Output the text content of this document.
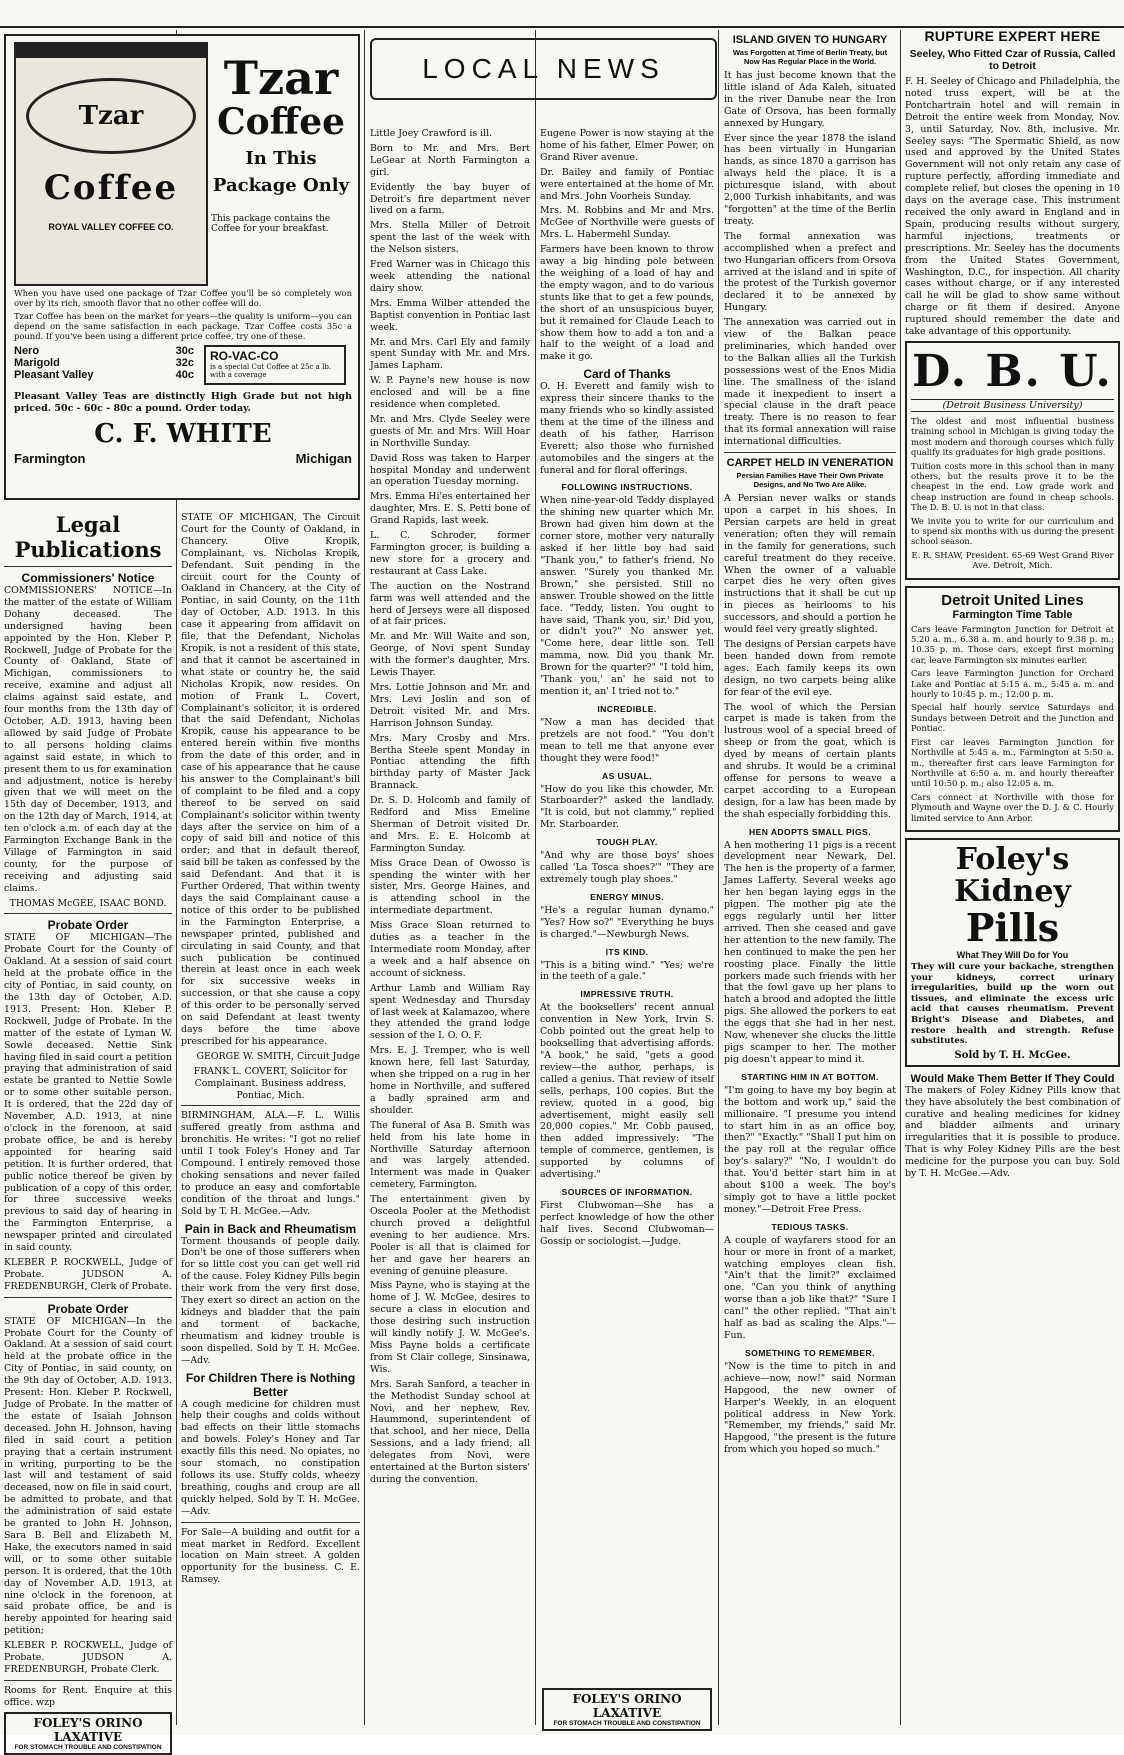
Tzar
Coffee
ROYAL VALLEY COFFEE CO.
Tzar
Coffee
In This
Package Only
This package contains the Coffee for your breakfast.

When you have used one package of Tzar Coffee you'll be so completely won over by its rich, smooth flavor that no other coffee will do.

Tzar Coffee has been on the market for years—the quality is uniform—you can depend on the same satisfaction in each package. Tzar Coffee costs 35c a pound. If you've been using a different price coffee, try one of these.

Nero	30c
Marigold	32c
Pleasant Valley	40c
RO-VAC-CO
is a special Cut Coffee at 25c a lb. with a coverage

Pleasant Valley Teas are distinctly High Grade but not high priced. 50c - 60c - 80c a pound. Order today.

C. F. WHITE
Farmington	Michigan
Legal Publications
Commissioners' Notice

COMMISSIONERS' NOTICE—In the matter of the estate of William Dohany deceased. The undersigned having been appointed by the Hon. Kleber P. Rockwell, Judge of Probate for the County of Oakland, State of Michigan, commissioners to receive, examine and adjust all claims against said estate, and four months from the 13th day of October, A.D. 1913, having been allowed by said Judge of Probate to all persons holding claims against said estate, in which to present them to us for examination and adjustment, notice is hereby given that we will meet on the 15th day of December, 1913, and on the 12th day of March, 1914, at ten o'clock a.m. of each day at the Farmington Exchange Bank in the Village of Farmington in said county, for the purpose of receiving and adjusting said claims.

THOMAS McGEE, ISAAC BOND.

Probate Order

STATE OF MICHIGAN—The Probate Court for the County of Oakland. At a session of said court held at the probate office in the city of Pontiac, in said county, on the 13th day of October, A.D. 1913. Present: Hon. Kleber P. Rockwell, Judge of Probate. In the matter of the estate of Lyman W. Sowle deceased. Nettie Sink having filed in said court a petition praying that administration of said estate be granted to Nettie Sowle or to some other suitable person. It is ordered, that the 22d day of November, A.D. 1913, at nine o'clock in the forenoon, at said probate office, be and is hereby appointed for hearing said petition. It is further ordered, that public notice thereof be given by publication of a copy of this order, for three successive weeks previous to said day of hearing in the Farmington Enterprise, a newspaper printed and circulated in said county.

KLEBER P. ROCKWELL, Judge of Probate. JUDSON A. FREDENBURGH, Clerk of Probate.

Probate Order

STATE OF MICHIGAN—In the Probate Court for the County of Oakland. At a session of said court held at the probate office in the City of Pontiac, in said county, on the 9th day of October, A.D. 1913. Present: Hon. Kleber P. Rockwell, Judge of Probate. In the matter of the estate of Isaiah Johnson deceased. John H. Johnson, having filed in said court a petition praying that a certain instrument in writing, purporting to be the last will and testament of said deceased, now on file in said court, be admitted to probate, and that the administration of said estate be granted to John H. Johnson, Sara B. Bell and Elizabeth M. Hake, the executors named in said will, or to some other suitable person. It is ordered, that the 10th day of November A.D. 1913, at nine o'clock in the forenoon, at said probate office, be and is hereby appointed for hearing said petition;

KLEBER P. ROCKWELL, Judge of Probate. JUDSON A. FREDENBURGH, Probate Clerk.

Rooms for Rent. Enquire at this office. wzp

FOLEY'S ORINO LAXATIVE
FOR STOMACH TROUBLE AND CONSTIPATION

STATE OF MICHIGAN, The Circuit Court for the County of Oakland, in Chancery. Olive Kropik, Complainant, vs. Nicholas Kropik, Defendant. Suit pending in the circuit court for the County of Oakland in Chancery, at the City of Pontiac, in said County, on the 11th day of October, A.D. 1913. In this case it appearing from affidavit on file, that the Defendant, Nicholas Kropik, is not a resident of this state, and that it cannot be ascertained in what state or country he, the said Nicholas Kropik, now resides. On motion of Frank L. Covert, Complainant's solicitor, it is ordered that the said Defendant, Nicholas Kropik, cause his appearance to be entered herein within five months from the date of this order, and in case of his appearance that he cause his answer to the Complainant's bill of complaint to be filed and a copy thereof to be served on said Complainant's solicitor within twenty days after the service on him of a copy of said bill and notice of this order; and that in default thereof, said bill be taken as confessed by the said Defendant. And that it is Further Ordered, That within twenty days the said Complainant cause a notice of this order to be published in the Farmington Enterprise, a newspaper printed, published and circulating in said County, and that such publication be continued therein at least once in each week for six successive weeks in succession, or that she cause a copy of this order to be personally served on said Defendant at least twenty days before the time above prescribed for his appearance.

GEORGE W. SMITH, Circuit Judge

FRANK L. COVERT, Solicitor for Complainant. Business address, Pontiac, Mich.

BIRMINGHAM, ALA.—F. L. Willis suffered greatly from asthma and bronchitis. He writes: "I got no relief until I took Foley's Honey and Tar Compound. I entirely removed those choking sensations and never failed to produce an easy and comfortable condition of the throat and lungs." Sold by T. H. McGee.—Adv.

Pain in Back and Rheumatism

Torment thousands of people daily. Don't be one of those sufferers when for so little cost you can get well rid of the cause. Foley Kidney Pills begin their work from the very first dose. They exert so direct an action on the kidneys and bladder that the pain and torment of backache, rheumatism and kidney trouble is soon dispelled. Sold by T. H. McGee.—Adv.

For Children There is Nothing Better

A cough medicine for children must help their coughs and colds without bad effects on their little stomachs and bowels. Foley's Honey and Tar exactly fills this need. No opiates, no sour stomach, no constipation follows its use. Stuffy colds, wheezy breathing, coughs and croup are all quickly helped. Sold by T. H. McGee.—Adv.

For Sale—A building and outfit for a meat market in Redford. Excellent location on Main street. A golden opportunity for the business. C. E. Ramsey.

LOCAL NEWS

Little Joey Crawford is ill.

Born to Mr. and Mrs. Bert LeGear at North Farmington a girl.

Evidently the bay buyer of Detroit's fire department never lived on a farm.

Mrs. Stella Miller of Detroit spent the last of the week with the Nelson sisters.

Fred Warner was in Chicago this week attending the national dairy show.

Mrs. Emma Wilber attended the Baptist convention in Pontiac last week.

Mr. and Mrs. Carl Ely and family spent Sunday with Mr. and Mrs. James Lapham.

W. P. Payne's new house is now enclosed and will be a fine residence when completed.

Mr. and Mrs. Clyde Seeley were guests of Mr. and Mrs. Will Hoar in Northville Sunday.

David Ross was taken to Harper hospital Monday and underwent an operation Tuesday morning.

Mrs. Emma Hi'es entertained her daughter, Mrs. E. S. Petti bone of Grand Rapids, last week.

L. C. Schroder, former Farmington grocer, is building a new store for a grocery and restaurant at Cass Lake.

The auction on the Nostrand farm was well attended and the herd of Jerseys were all disposed of at fair prices.

Mr. and Mr. Will Waite and son, George, of Novi spent Sunday with the former's daughter, Mrs. Lewis Thayer.

Mrs. Lottie Johnson and Mr. and Mrs. Levi Joslin and son of Detroit visited Mr. and Mrs. Harrison Johnson Sunday.

Mrs. Mary Crosby and Mrs. Bertha Steele spent Monday in Pontiac attending the fifth birthday party of Master Jack Brannack.

Dr. S. D. Holcomb and family of Redford and Miss Emeline Sherman of Detroit visited Dr. and Mrs. E. E. Holcomb at Farmington Sunday.

Miss Grace Dean of Owosso is spending the winter with her sister, Mrs. George Haines, and is attending school in the intermediate department.

Miss Grace Sloan returned to duties as a teacher in the Intermediate room Monday, after a week and a half absence on account of sickness.

Arthur Lamb and William Ray spent Wednesday and Thursday of last week at Kalamazoo, where they attended the grand lodge session of the I. O. O. F.

Mrs. E. J. Tremper, who is well known here, fell last Saturday, when she tripped on a rug in her home in Northville, and suffered a badly sprained arm and shoulder.

The funeral of Asa B. Smith was held from his late home in Northville Saturday afternoon and was largely attended. Interment was made in Quaker cemetery, Farmington.

The entertainment given by Osceola Pooler at the Methodist church proved a delightful evening to her audience. Mrs. Pooler is all that is claimed for her and gave her hearers an evening of genuine pleasure.

Miss Payne, who is staying at the home of J. W. McGee, desires to secure a class in elocution and those desiring such instruction will kindly notify J. W. McGee's. Miss Payne holds a certificate from St Clair college, Sinsinawa, Wis.

Mrs. Sarah Sanford, a teacher in the Methodist Sunday school at Novi, and her nephew, Rev. Haummond, superintendent of that school, and her niece, Della Sessions, and a lady friend, all delegates from Novi, were entertained at the Burton sisters' during the convention.

Eugene Power is now staying at the home of his father, Elmer Power, on Grand River avenue.

Dr. Bailey and family of Pontiac were entertained at the home of Mr. and Mrs. John Voorheis Sunday.

Mrs. M. Robbins and Mr and Mrs. McGee of Northville were guests of Mrs. L. Habermehl Sunday.

Farmers have been known to throw away a big hinding pole between the weighing of a load of hay and the empty wagon, and to do various stunts like that to get a few pounds, the short of an unsuspicious buyer, but it remained for Claude Leach to show them how to add a ton and a half to the weight of a load and make it go.

Card of Thanks

O. H. Everett and family wish to express their sincere thanks to the many friends who so kindly assisted them at the time of the illness and death of his father, Harrison Everett; also those who furnished automobiles and the singers at the funeral and for floral offerings.

FOLLOWING INSTRUCTIONS.

When nine-year-old Teddy displayed the shining new quarter which Mr. Brown had given him down at the corner store, mother very naturally asked if her little boy had said "Thank you," to father's friend. No answer. "Surely you thanked Mr. Brown," she persisted. Still no answer. Trouble showed on the little face. "Teddy, listen. You ought to have said, 'Thank you, sir.' Did you, or didn't you?" No answer yet. "Come here, dear little son. Tell mamma, now. Did you thank Mr. Brown for the quarter?" "I told him, 'Thank you,' an' he said not to mention it, an' I tried not to."

INCREDIBLE.

"Now a man has decided that pretzels are not food." "You don't mean to tell me that anyone ever thought they were food!"

AS USUAL.

"How do you like this chowder, Mr. Starboarder?" asked the landlady. "It is cold, but not clammy," replied Mr. Starboarder.

TOUGH PLAY.

"And why are those boys' shoes called 'La Tosca shoes?'" "They are extremely tough play shoes."

ENERGY MINUS.

"He's a regular human dynamo." "Yes? How so?" "Everything he buys is charged."—Newburgh News.

ITS KIND.

"This is a biting wind." "Yes; we're in the teeth of a gale."

IMPRESSIVE TRUTH.

At the booksellers' recent annual convention in New York, Irvin S. Cobb pointed out the great help to bookselling that advertising affords. "A book," he said, "gets a good review—the author, perhaps, is called a genius. That review of itself sells, perhaps, 100 copies. But the review, quoted in a good, big advertisement, might easily sell 20,000 copies." Mr. Cobb paused, then added impressively: "The temple of commerce, gentlemen, is supported by columns of advertising."

SOURCES OF INFORMATION.

First Clubwoman—She has a perfect knowledge of how the other half lives. Second Clubwoman—Gossip or sociologist.—Judge.

FOLEY'S ORINO LAXATIVE
FOR STOMACH TROUBLE AND CONSTIPATION
ISLAND GIVEN TO HUNGARY
Was Forgotten at Time of Berlin Treaty, but Now Has Regular Place in the World.

It has just become known that the little island of Ada Kaleh, situated in the river Danube near the Iron Gate of Orsova, has been formally annexed by Hungary.

Ever since the year 1878 the island has been virtually in Hungarian hands, as since 1870 a garrison has always held the place. It is a picturesque island, with about 2,000 Turkish inhabitants, and was "forgotten" at the time of the Berlin treaty.

The formal annexation was accomplished when a prefect and two Hungarian officers from Orsova arrived at the island and in spite of the protest of the Turkish governor declared it to be annexed by Hungary.

The annexation was carried out in view of the Balkan peace preliminaries, which handed over to the Balkan allies all the Turkish possessions west of the Enos Midia line. The smallness of the island made it inexpedient to insert a special clause in the draft peace treaty. There is no reason to fear that its formal annexation will raise international difficulties.

CARPET HELD IN VENERATION
Persian Families Have Their Own Private Designs, and No Two Are Alike.

A Persian never walks or stands upon a carpet in his shoes. In Persian carpets are held in great veneration; often they will remain in the family for generations, such careful treatment do they receive. When the owner of a valuable carpet dies he very often gives instructions that it shall be cut up in pieces as heirlooms to his successors, and should a portion he would feel very greatly slighted.

The designs of Persian carpets have been handed down from remote ages. Each family keeps its own design, no two carpets being alike for fear of the evil eye.

The wool of which the Persian carpet is made is taken from the lustrous wool of a special breed of sheep or from the goat, which is dyed by means of certain plants and shrubs. It would be a criminal offense for persons to weave a carpet according to a European design, for a law has been made by the shah especially forbidding this.

HEN ADOPTS SMALL PIGS.

A hen mothering 11 pigs is a recent development near Newark, Del. The hen is the property of a farmer, James Lafferty. Several weeks ago her hen began laying eggs in the pigpen. The mother pig ate the eggs regularly until her litter arrived. Then she ceased and gave her attention to the new family. The hen continued to make the pen her roosting place. Finally the little porkers made such friends with her that the fowl gave up her plans to hatch a brood and adopted the little pigs. She allowed the porkers to eat the eggs that she had in her nest. Now, whenever she clucks the little pigs scamper to her. The mother pig doesn't appear to mind it.

STARTING HIM IN AT BOTTOM.

"I'm going to have my boy begin at the bottom and work up," said the millionaire. "I presume you intend to start him in as an office boy, then?" "Exactly." "Shall I put him on the pay roll at the regular office boy's salary?" "No, I wouldn't do that. You'd better start him in at about $100 a week. The boy's simply got to have a little pocket money."—Detroit Free Press.

TEDIOUS TASKS.

A couple of wayfarers stood for an hour or more in front of a market, watching employes clean fish. "Ain't that the limit?" exclaimed one. "Can you think of anything worse than a job like that?" "Sure I can!" the other replied. "That ain't half as bad as scaling the Alps."—Fun.

SOMETHING TO REMEMBER.

"Now is the time to pitch in and achieve—now, now!" said Norman Hapgood, the new owner of Harper's Weekly, in an eloquent political address in New York. "Remember, my friends," said Mr. Hapgood, "the present is the future from which you hoped so much."

RUPTURE EXPERT HERE
Seeley, Who Fitted Czar of Russia, Called to Detroit

F. H. Seeley of Chicago and Philadelphia, the noted truss expert, will be at the Pontchartrain hotel and will remain in Detroit the entire week from Monday, Nov. 3, until Saturday, Nov. 8th, inclusive. Mr. Seeley says: "The Spermatic Shield, as now used and approved by the United States Government will not only retain any case of rupture perfectly, affording immediate and complete relief, but closes the opening in 10 days on the average case. This instrument received the only award in England and in Spain, producing results without surgery, harmful injections, treatments or prescriptions. Mr. Seeley has the documents from the United States Government, Washington, D.C., for inspection. All charity cases without charge, or if any interested call he will be glad to show same without charge or fit them if desired. Anyone ruptured should remember the date and take advantage of this opportunity.

D. B. U.
(Detroit Business University)

The oldest and most influential business training school in Michigan is giving today the most modern and thorough courses which fully qualify its graduates for high grade positions.

Tuition costs more in this school than in many others, but the results prove it to be the cheapest in the end. Low grade work and cheap instruction are found in cheap schools. The D. B. U. is not in that class.

We invite you to write for our curriculum and to spend six months with us during the present school season.

E. R. SHAW, President. 65-69 West Grand River Ave. Detroit, Mich.

Detroit United Lines
Farmington Time Table

Cars leave Farmington Junction for Detroit at 5.20 a. m., 6.38 a. m. and hourly to 9.38 p. m.; 10.35 p. m. Those cars, except first morning car, leave Farmington six minutes earlier.

Cars leave Farmington Junction for Orchard Lake and Pontiac at 5:15 a. m., 5:45 a. m. and hourly to 10:45 p. m.; 12:00 p. m.

Special half hourly service Saturdays and Sundays between Detroit and the Junction and Pontiac.

First car leaves Farmington Junction for Northville at 5:45 a. m., Farmington at 5:50 a. m., thereafter first cars leave Farmington for Northville at 6:50 a. m. and hourly thereafter until 10:50 p. m.; also 12:05 a. m.

Cars connect at Northville with those for Plymouth and Wayne over the D. J. & C. Hourly limited service to Ann Arbor.

Foley's
Kidney
Pills
What They Will Do for You

They will cure your backache, strengthen your kidneys, correct urinary irregularities, build up the worn out tissues, and eliminate the excess uric acid that causes rheumatism. Prevent Bright's Disease and Diabetes, and restore health and strength. Refuse substitutes.

Sold by T. H. McGee.
Would Make Them Better If They Could

The makers of Foley Kidney Pills know that they have absolutely the best combination of curative and healing medicines for kidney and bladder ailments and urinary irregularities that it is possible to produce. That is why Foley Kidney Pills are the best medicine for the purpose you can buy. Sold by T. H. McGee.—Adv.
